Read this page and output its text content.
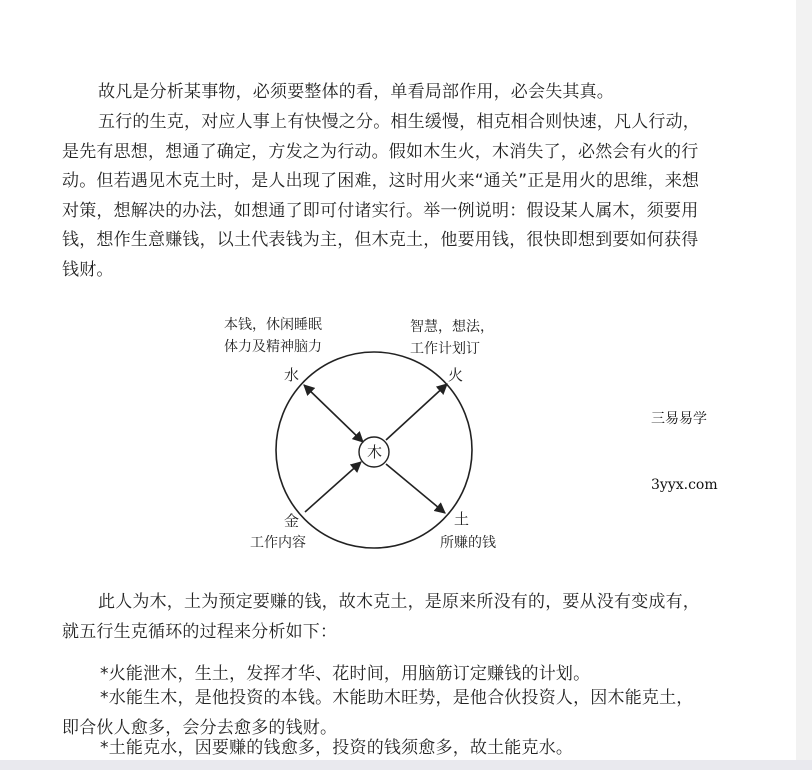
故凡是分析某事物，必须要整体的看，单看局部作用，必会失其真。

五行的生克，对应人事上有快慢之分。相生缓慢，相克相合则快速，凡人行动，是先有思想，想通了确定，方发之为行动。假如木生火，木消失了，必然会有火的行动。但若遇见木克土时，是人出现了困难，这时用火来“通关”正是用火的思维，来想对策，想解决的办法，如想通了即可付诸实行。举一例说明：假设某人属木，须要用钱，想作生意赚钱，以土代表钱为主，但木克土，他要用钱，很快即想到要如何获得钱财。

木
本钱，休闲睡眠
体力及精神脑力
水
智慧，想法，
工作计划订
火
金
工作内容
土
所赚的钱

三易易学

3yyx.com

此人为木，土为预定要赚的钱，故木克土，是原来所没有的，要从没有变成有，就五行生克循环的过程来分析如下：

*火能泄木，生土，发挥才华、花时间，用脑筋订定赚钱的计划。

*水能生木，是他投资的本钱。木能助木旺势，是他合伙投资人，因木能克土，即合伙人愈多，会分去愈多的钱财。

*土能克水，因要赚的钱愈多，投资的钱须愈多，故土能克水。
